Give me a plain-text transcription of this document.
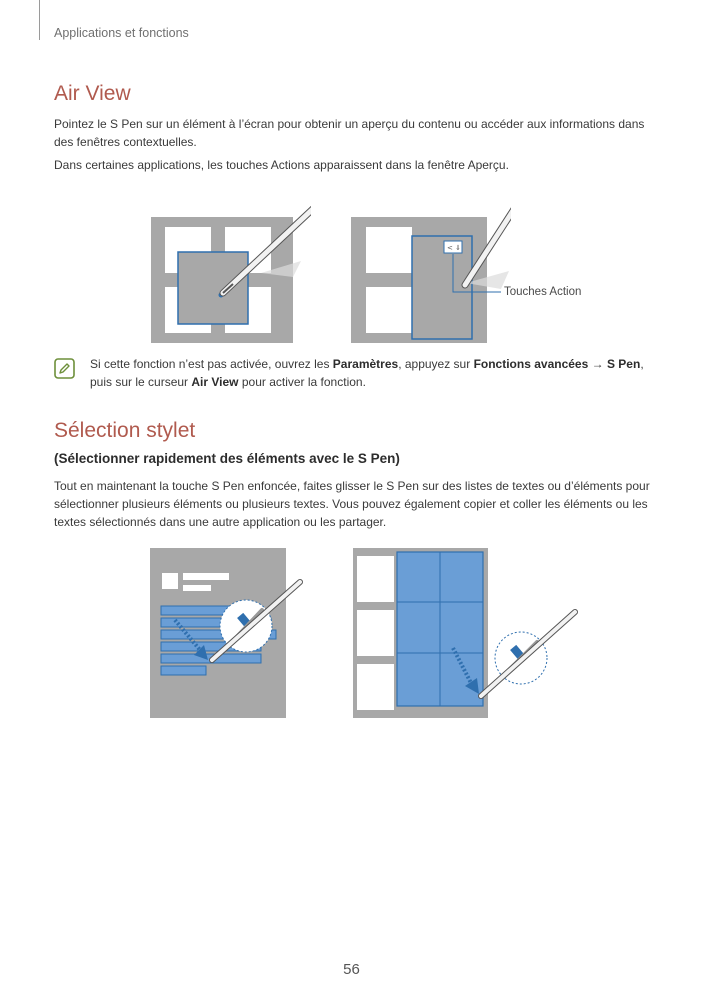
Applications et fonctions
Air View

Pointez le S Pen sur un élément à l’écran pour obtenir un aperçu du contenu ou accéder aux informations dans des fenêtres contextuelles.

Dans certaines applications, les touches Actions apparaissent dans la fenêtre Aperçu.

< ⇓
Touches Action

Si cette fonction n’est pas activée, ouvrez les Paramètres, appuyez sur Fonctions avancées → S Pen, puis sur le curseur Air View pour activer la fonction.

Sélection stylet

(Sélectionner rapidement des éléments avec le S Pen)

Tout en maintenant la touche S Pen enfoncée, faites glisser le S Pen sur des listes de textes ou d’éléments pour sélectionner plusieurs éléments ou plusieurs textes. Vous pouvez également copier et coller les éléments ou les textes sélectionnés dans une autre application ou les partager.

56
